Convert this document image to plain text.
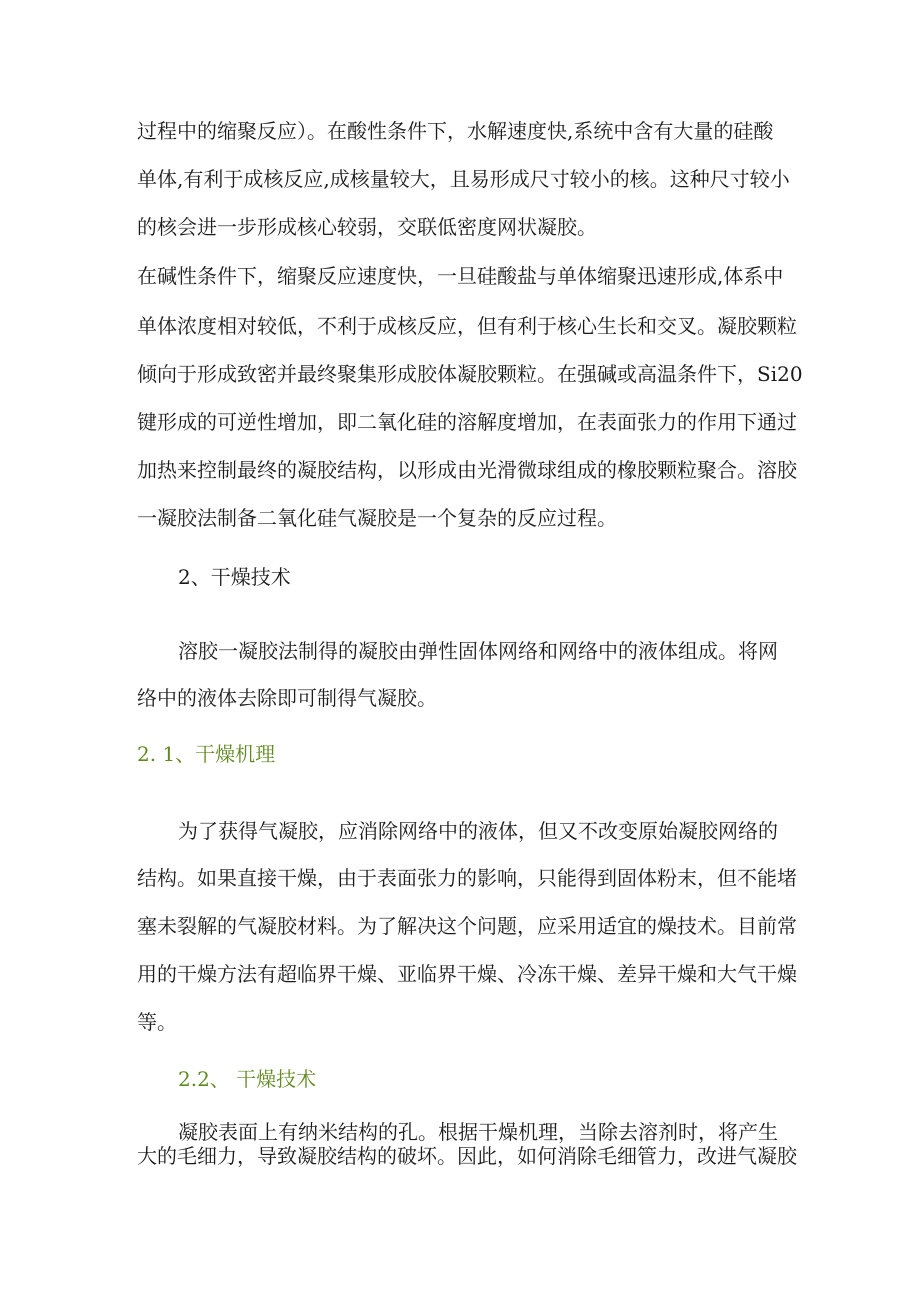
过程中的缩聚反应）。在酸性条件下，水解速度快,系统中含有大量的硅酸
单体,有利于成核反应,成核量较大，且易形成尺寸较小的核。这种尺寸较小
的核会进一步形成核心较弱，交联低密度网状凝胶。
在碱性条件下，缩聚反应速度快，一旦硅酸盐与单体缩聚迅速形成,体系中
单体浓度相对较低，不利于成核反应，但有利于核心生长和交叉。凝胶颗粒
倾向于形成致密并最终聚集形成胶体凝胶颗粒。在强碱或高温条件下，Si20
键形成的可逆性增加，即二氧化硅的溶解度增加，在表面张力的作用下通过
加热来控制最终的凝胶结构，以形成由光滑微球组成的橡胶颗粒聚合。溶胶
一凝胶法制备二氧化硅气凝胶是一个复杂的反应过程。
2、干燥技术
溶胶一凝胶法制得的凝胶由弹性固体网络和网络中的液体组成。将网
络中的液体去除即可制得气凝胶。
2. 1、干燥机理
为了获得气凝胶，应消除网络中的液体，但又不改变原始凝胶网络的
结构。如果直接干燥，由于表面张力的影响，只能得到固体粉末，但不能堵
塞未裂解的气凝胶材料。为了解决这个问题，应采用适宜的燥技术。目前常
用的干燥方法有超临界干燥、亚临界干燥、冷冻干燥、差异干燥和大气干燥
等。
2.2、 干燥技术
凝胶表面上有纳米结构的孔。根据干燥机理，当除去溶剂时，将产生
大的毛细力，导致凝胶结构的破坏。因此，如何消除毛细管力，改进气凝胶
